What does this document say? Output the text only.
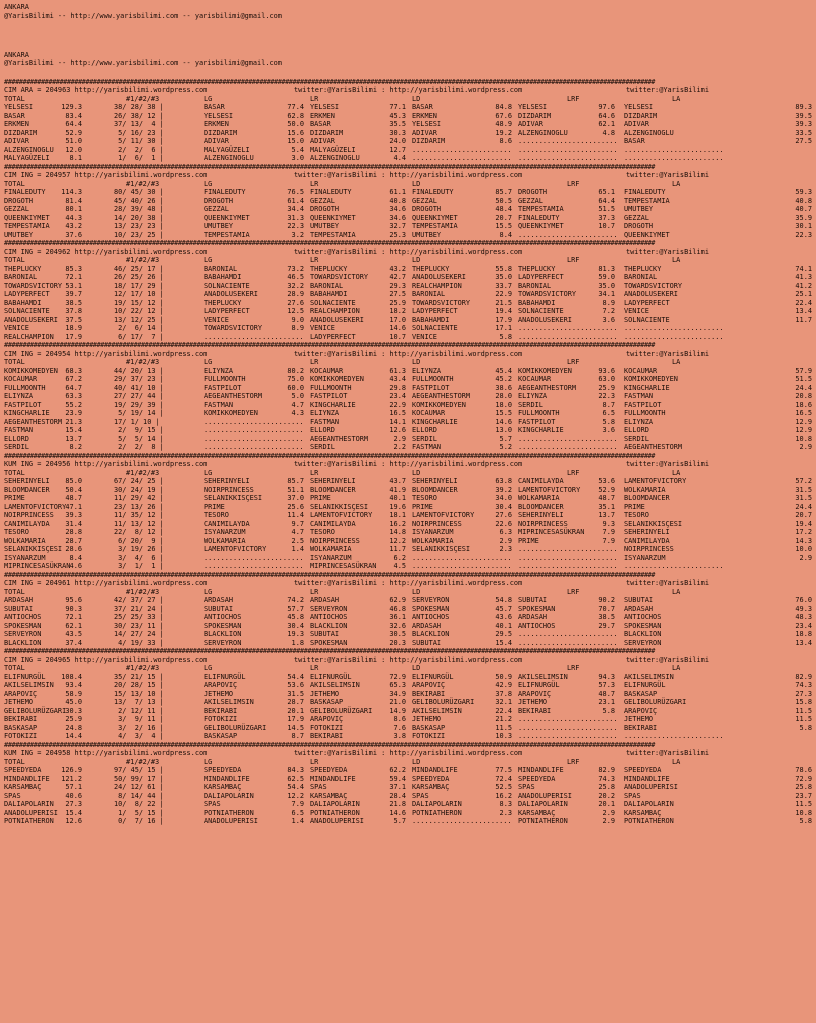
ANKARA
@YarisBilimi -- http://www.yarisbilimi.com -- yarisbilimi@gmail.com
ANKARA
@YarisBilimi -- http://www.yarisbilimi.com -- yarisbilimi@gmail.com
################################################################################################################################################################################
CIM ARA = 204963 http://yarisbilimi.wordpress.com	twitter:@YarisBilimi : http://yarisbilimi.wordpress.com	twitter:@YarisBilimi
TOTAL	#1/#2/#3	LG	LR	LD	LRF	LA
YELSESI	129.3	38/ 28/ 38 |	BASAR	77.4 YELSESI	77.1 BASAR	84.8 YELSESI	97.6 YELSESI	89.3
BASAR	83.4	26/ 38/ 12 |	YELSESI	62.8 ERKMEN	45.3 ERKMEN	67.6 DIZDARIM	64.6 DIZDARIM	39.5
ERKMEN	64.4	37/ 13/  4 |	ERKMEN	50.0 BASAR	35.5 YELSESI	48.9 ADIVAR	62.1 ADIVAR	39.3
DIZDARIM	52.9	5/ 16/ 23 |	DIZDARIM	15.6 DIZDARIM	30.3 ADIVAR	19.2 ALZENGINOGLU	4.8 ALZENGINOGLU	33.5
ADIVAR	51.0	5/ 11/ 30 |	ADIVAR	15.0 ADIVAR	24.0 DIZDARIM	8.6 ........................ BASAR	27.5
ALZENGINOGLU	12.0	2/  2/  6 |	MALYAGÜZELI	5.4 MALYAGÜZELI	12.7 ........................ ........................ ........................
MALYAGÜZELI	8.1	1/  6/  1 |	ALZENGINOGLU	3.0 ALZENGINOGLU	4.4 ........................ ........................ ........................
################################################################################################################################################################################
CIM ING = 204957 http://yarisbilimi.wordpress.com	twitter:@YarisBilimi : http://yarisbilimi.wordpress.com	twitter:@YarisBilimi
TOTAL	#1/#2/#3	LG	LR	LD	LRF	LA
FINALEDUTY	114.3	80/ 45/ 30 |	FINALEDUTY	76.5 FINALEDUTY	61.1 FINALEDUTY	85.7 DROGOTH	65.1 FINALEDUTY	59.3
DROGOTH	81.4	45/ 40/ 26 |	DROGOTH	61.4 GEZZAL	40.8 GEZZAL	50.5 GEZZAL	64.4 TEMPESTAMIA	40.8
GEZZAL	80.1	28/ 39/ 48 |	GEZZAL	34.4 DROGOTH	34.6 DROGOTH	48.4 TEMPESTAMIA	51.5 UMUTBEY	40.7
QUEENKIYMET	44.3	14/ 20/ 38 |	QUEENKIYMET	31.3 QUEENKIYMET	34.6 QUEENKIYMET	20.7 FINALEDUTY	37.3 GEZZAL	35.9
TEMPESTAMIA	43.2	13/ 23/ 23 |	UMUTBEY	22.3 UMUTBEY	32.7 TEMPESTAMIA	15.5 QUEENKIYMET	10.7 DROGOTH	30.1
UMUTBEY	37.6	10/ 23/ 25 |	TEMPESTAMIA	3.2 TEMPESTAMIA	25.3 UMUTBEY	8.4 ........................ QUEENKIYMET	22.3
################################################################################################################################################################################
CIM ING = 204962 http://yarisbilimi.wordpress.com	twitter:@YarisBilimi : http://yarisbilimi.wordpress.com	twitter:@YarisBilimi
TOTAL	#1/#2/#3	LG	LR	LD	LRF	LA
THEPLUCKY	85.3	46/ 25/ 17 |	BARONIAL	73.2 THEPLUCKY	43.2 THEPLUCKY	55.8 THEPLUCKY	81.3 THEPLUCKY	74.1
BARONIAL	72.1	26/ 25/ 26 |	BABAHAMDI	46.5 TOWARDSVICTORY	42.7 ANADOLUSEKERI	35.0 LADYPERFECT	59.0 BARONIAL	41.3
TOWARDSVICTORY 53.1	18/ 17/ 29 |	SOLNACIENTE	32.2 BARONIAL	29.3 REALCHAMPION	33.7 BARONIAL	35.0 TOWARDSVICTORY	41.2
LADYPERFECT	39.7	12/ 17/ 10 |	ANADOLUSEKERI	28.9 BABAHAMDI	27.5 BARONIAL	22.9 TOWARDSVICTORY	34.1 ANADOLUSEKERI	25.1
BABAHAMDI	38.5	19/ 15/ 12 |	THEPLUCKY	27.6 SOLNACIENTE	25.9 TOWARDSVICTORY	21.5 BABAHAMDI	8.9 LADYPERFECT	22.4
SOLNACIENTE	37.8	10/ 22/ 12 |	LADYPERFECT	12.5 REALCHAMPION	18.2 LADYPERFECT	19.4 SOLNACIENTE	7.2 VENICE	13.4
ANADOLUSEKERI	37.5	13/ 12/ 25 |	VENICE	9.0 ANADOLUSEKERI	17.0 BABAHAMDI	17.9 ANADOLUSEKERI	3.6 SOLNACIENTE	11.7
VENICE	18.9	2/  6/ 14 |	TOWARDSVICTORY	8.9 VENICE	14.6 SOLNACIENTE	17.1 ........................ ........................
REALCHAMPION	17.9	6/ 17/  7 |	........................ LADYPERFECT	10.7 VENICE	5.8 ........................ ........................
################################################################################################################################################################################
CIM ING = 204954 http://yarisbilimi.wordpress.com	twitter:@YarisBilimi : http://yarisbilimi.wordpress.com	twitter:@YarisBilimi
TOTAL	#1/#2/#3	LG	LR	LD	LRF	LA
KOMIKKOMEDYEN	68.3	44/ 20/ 13 |	ELIYNZA	80.2 KOCAUMAR	61.3 ELIYNZA	45.4 KOMIKKOMEDYEN	93.6 KOCAUMAR	57.9
KOCAUMAR	67.2	29/ 37/ 23 |	FULLMOONTH	75.0 KOMIKKOMEDYEN	43.4 FULLMOONTH	45.2 KOCAUMAR	63.0 KOMIKKOMEDYEN	51.5
FULLMOONTH	64.7	40/ 41/ 10 |	FASTPILOT	60.0 FULLMOONTH	29.8 FASTPILOT	38.6 AEGEANTHESTORM	25.9 KINGCHARLIE	24.4
ELIYNZA	63.3	27/ 27/ 44 |	AEGEANTHESTORM	5.0 FASTPILOT	23.4 AEGEANTHESTORM	28.0 ELIYNZA	22.3 FASTMAN	20.8
FASTPILOT	55.2	19/ 29/ 39 |	FASTMAN	4.7 KINGCHARLIE	22.9 KOMIKKOMEDYEN	18.0 SERDIL	8.7 FASTPILOT	18.6
KINGCHARLIE	23.9	5/ 19/ 14 |	KOMIKKOMEDYEN	4.3 ELIYNZA	16.5 KOCAUMAR	15.5 FULLMOONTH	6.5 FULLMOONTH	16.5
AEGEANTHESTORM 21.3	17/ 1/ 10 |	........................ FASTMAN	14.1 KINGCHARLIE	14.6 FASTPILOT	5.8 ELIYNZA	12.9
FASTMAN	15.4	2/  9/ 15 |	........................ ELLORD	12.6 ELLORD	13.0 KINGCHARLIE	3.6 ELLORD	12.9
ELLORD	13.7	5/  5/ 14 |	........................ AEGEANTHESTORM	2.9 SERDIL	5.7 ........................ SERDIL	10.8
SERDIL	8.2	2/  2/  8 |	........................ SERDIL	2.2 FASTMAN	5.2 ........................ AEGEANTHESTORM	2.9
################################################################################################################################################################################
KUM ING = 204956 http://yarisbilimi.wordpress.com	twitter:@YarisBilimi : http://yarisbilimi.wordpress.com	twitter:@YarisBilimi
TOTAL	#1/#2/#3	LG	LR	LD	LRF	LA
SEHERINYELI	85.0	67/ 24/ 25 |	SEHERINYELI	85.7 SEHERINYELI	43.7 SEHERINYELI	63.8 CANIMILAYDA	53.6 LAMENTOFVICTORY	57.2
BLOOMDANCER	50.4	30/ 24/ 19 |	NOIRPRINCESS	51.1 BLOOMDANCER	41.9 BLOOMDANCER	39.2 LAMENTOFVICTORY	52.9 WOLKAMARIA	31.5
PRIME	48.7	11/ 29/ 42 |	SELANIKKISÇESI	37.0 PRIME	40.1 TESORO	34.0 WOLKAMARIA	48.7 BLOOMDANCER	31.5
LAMENTOFVICTORY 47.1	23/ 13/ 26 |	PRIME	25.6 SELANIKKISÇESI	19.6 PRIME	30.4 BLOOMDANCER	35.1 PRIME	24.4
NOIRPRINCESS	39.3	11/ 35/ 12 |	TESORO	11.4 LAMENTOFVICTORY	18.1 LAMENTOFVICTORY	27.6 SEHERINYELI	13.7 TESORO	20.7
CANIMILAYDA	31.4	11/ 13/ 12 |	CANIMILAYDA	9.7 CANIMILAYDA	16.2 NOIRPRINCESS	22.6 NOIRPRINCESS	9.3 SELANIKKISÇESI	19.4
TESORO	28.8	22/  8/ 12 |	ISYANARZUM	4.7 TESORO	14.8 ISYANARZUM	6.3 MIPRINCESASÜKRAN	7.9 SEHERINYELI	17.2
WOLKAMARIA	28.7	6/ 20/  9 |	WOLKAMARIA	2.5 NOIRPRINCESS	12.2 WOLKAMARIA	2.9 PRIME	7.9 CANIMILAYDA	14.3
SELANIKKISÇESI 28.6	3/ 19/ 26 |	LAMENTOFVICTORY	1.4 WOLKAMARIA	11.7 SELANIKKISÇESI	2.3 ........................ NOIRPRINCESS	10.0
ISYANARZUM	8.4	3/  4/  6 |	........................ ISYANARZUM	6.2 ........................ ........................ ISYANARZUM	2.9
MIPRINCESASÜKRAN 4.6	3/  1/  1 |	........................ MIPRINCESASÜKRAN	4.5 ........................ ........................ ........................
################################################################################################################################################################################
CIM ING = 204961 http://yarisbilimi.wordpress.com	twitter:@YarisBilimi : http://yarisbilimi.wordpress.com	twitter:@YarisBilimi
TOTAL	#1/#2/#3	LG	LR	LD	LRF	LA
ARDASAH	95.6	42/ 37/ 27 |	ARDASAH	74.2 ARDASAH	62.9 SERVEYRON	54.8 SUBUTAI	90.2 SUBUTAI	76.0
SUBUTAI	90.3	37/ 21/ 24 |	SUBUTAI	57.7 SERVEYRON	46.8 SPOKESMAN	45.7 SPOKESMAN	70.7 ARDASAH	49.3
ANTIOCHOS	72.1	25/ 25/ 33 |	ANTIOCHOS	45.8 ANTIOCHOS	36.1 ANTIOCHOS	43.6 ARDASAH	38.5 ANTIOCHOS	48.3
SPOKESMAN	62.1	30/ 23/ 11 |	SPOKESMAN	30.4 BLACKLION	32.6 ARDASAH	40.1 ANTIOCHOS	29.7 SPOKESMAN	23.4
SERVEYRON	43.5	14/ 27/ 24 |	BLACKLION	19.3 SUBUTAI	30.5 BLACKLION	29.5 ........................ BLACKLION	18.8
BLACKLION	37.4	4/ 19/ 33 |	SERVEYRON	1.8 SPOKESMAN	20.3 SUBUTAI	15.4 ........................ SERVEYRON	13.4
################################################################################################################################################################################
CIM ING = 204965 http://yarisbilimi.wordpress.com	twitter:@YarisBilimi : http://yarisbilimi.wordpress.com	twitter:@YarisBilimi
TOTAL	#1/#2/#3	LG	LR	LD	LRF	LA
ELIFNURGÜL	108.4	35/ 21/ 15 |	ELIFNURGÜL	54.4 ELIFNURGÜL	72.9 ELIFNURGÜL	50.9 AKILSELIMSIN	94.3 AKILSELIMSIN	82.9
AKILSELIMSIN	93.4	20/ 28/ 15 |	ARAPOVIÇ	53.6 AKILSELIMSIN	65.3 ARAPOVIÇ	42.9 ELIFNURGÜL	57.3 ELIFNURGÜL	74.3
ARAPOVIÇ	58.9	15/ 13/ 10 |	JETHEMO	31.5 JETHEMO	34.9 BEKIRABI	37.8 ARAPOVIÇ	48.7 BASKASAP	27.3
JETHEMO	45.0	13/  7/ 13 |	AKILSELIMSIN	28.7 BASKASAP	21.0 GELIBOLURÜZGARI	32.1 JETHEMO	23.1 GELIBOLURÜZGARI	15.8
GELIBOLURÜZGARI 30.3	2/ 12/ 11 |	BEKIRABI	20.1 GELIBOLURÜZGARI	14.9 AKILSELIMSIN	22.4 BEKIRABI	5.8 ARAPOVIÇ	11.5
BEKIRABI	25.9	3/  9/ 11 |	FOTOKIZI	17.9 ARAPOVIÇ	8.6 JETHEMO	21.2 ........................ JETHEMO	11.5
BASKASAP	24.8	3/  2/ 16 |	GELIBOLURÜZGARI	14.5 FOTOKIZI	7.6 BASKASAP	11.5 ........................ BEKIRABI	5.8
FOTOKIZI	14.4	4/  3/  4 |	BASKASAP	8.7 BEKIRABI	3.8 FOTOKIZI	10.3 ........................ ........................
################################################################################################################################################################################
KUM ING = 204958 http://yarisbilimi.wordpress.com	twitter:@YarisBilimi : http://yarisbilimi.wordpress.com	twitter:@YarisBilimi
TOTAL	#1/#2/#3	LG	LR	LD	LRF	LA
SPEEDYEDA	126.9	97/ 45/ 15 |	SPEEDYEDA	84.3 SPEEDYEDA	62.2 MINDANDLIFE	77.5 MINDANDLIFE	82.9 SPEEDYEDA	78.6
MINDANDLIFE	121.2	50/ 99/ 17 |	MINDANDLIFE	62.5 MINDANDLIFE	59.4 SPEEDYEDA	72.4 SPEEDYEDA	74.3 MINDANDLIFE	72.9
KARSAMBAÇ	57.1	24/ 12/ 61 |	KARSAMBAÇ	54.4 SPAS	37.1 KARSAMBAÇ	52.5 SPAS	25.8 ANADOLUPERISI	25.8
SPAS	40.6	8/ 14/ 44 |	DALIAPOLARIN	12.2 KARSAMBAÇ	28.4 SPAS	16.2 ANADOLUPERISI	20.2 SPAS	23.7
DALIAPOLARIN	27.3	10/  8/ 22 |	SPAS	7.9 DALIAPOLARIN	21.8 DALIAPOLARIN	8.3 DALIAPOLARIN	20.1 DALIAPOLARIN	11.5
ANADOLUPERISI	15.4	1/  5/ 15 |	POTNIATHERON	6.5 POTNIATHERON	14.6 POTNIATHERON	2.3 KARSAMBAÇ	2.9 KARSAMBAÇ	10.8
POTNIATHERON	12.6	0/  7/ 16 |	ANADOLUPERISI	1.4 ANADOLUPERISI	5.7 ........................ POTNIATHERON	2.9 POTNIATHERON	5.8
